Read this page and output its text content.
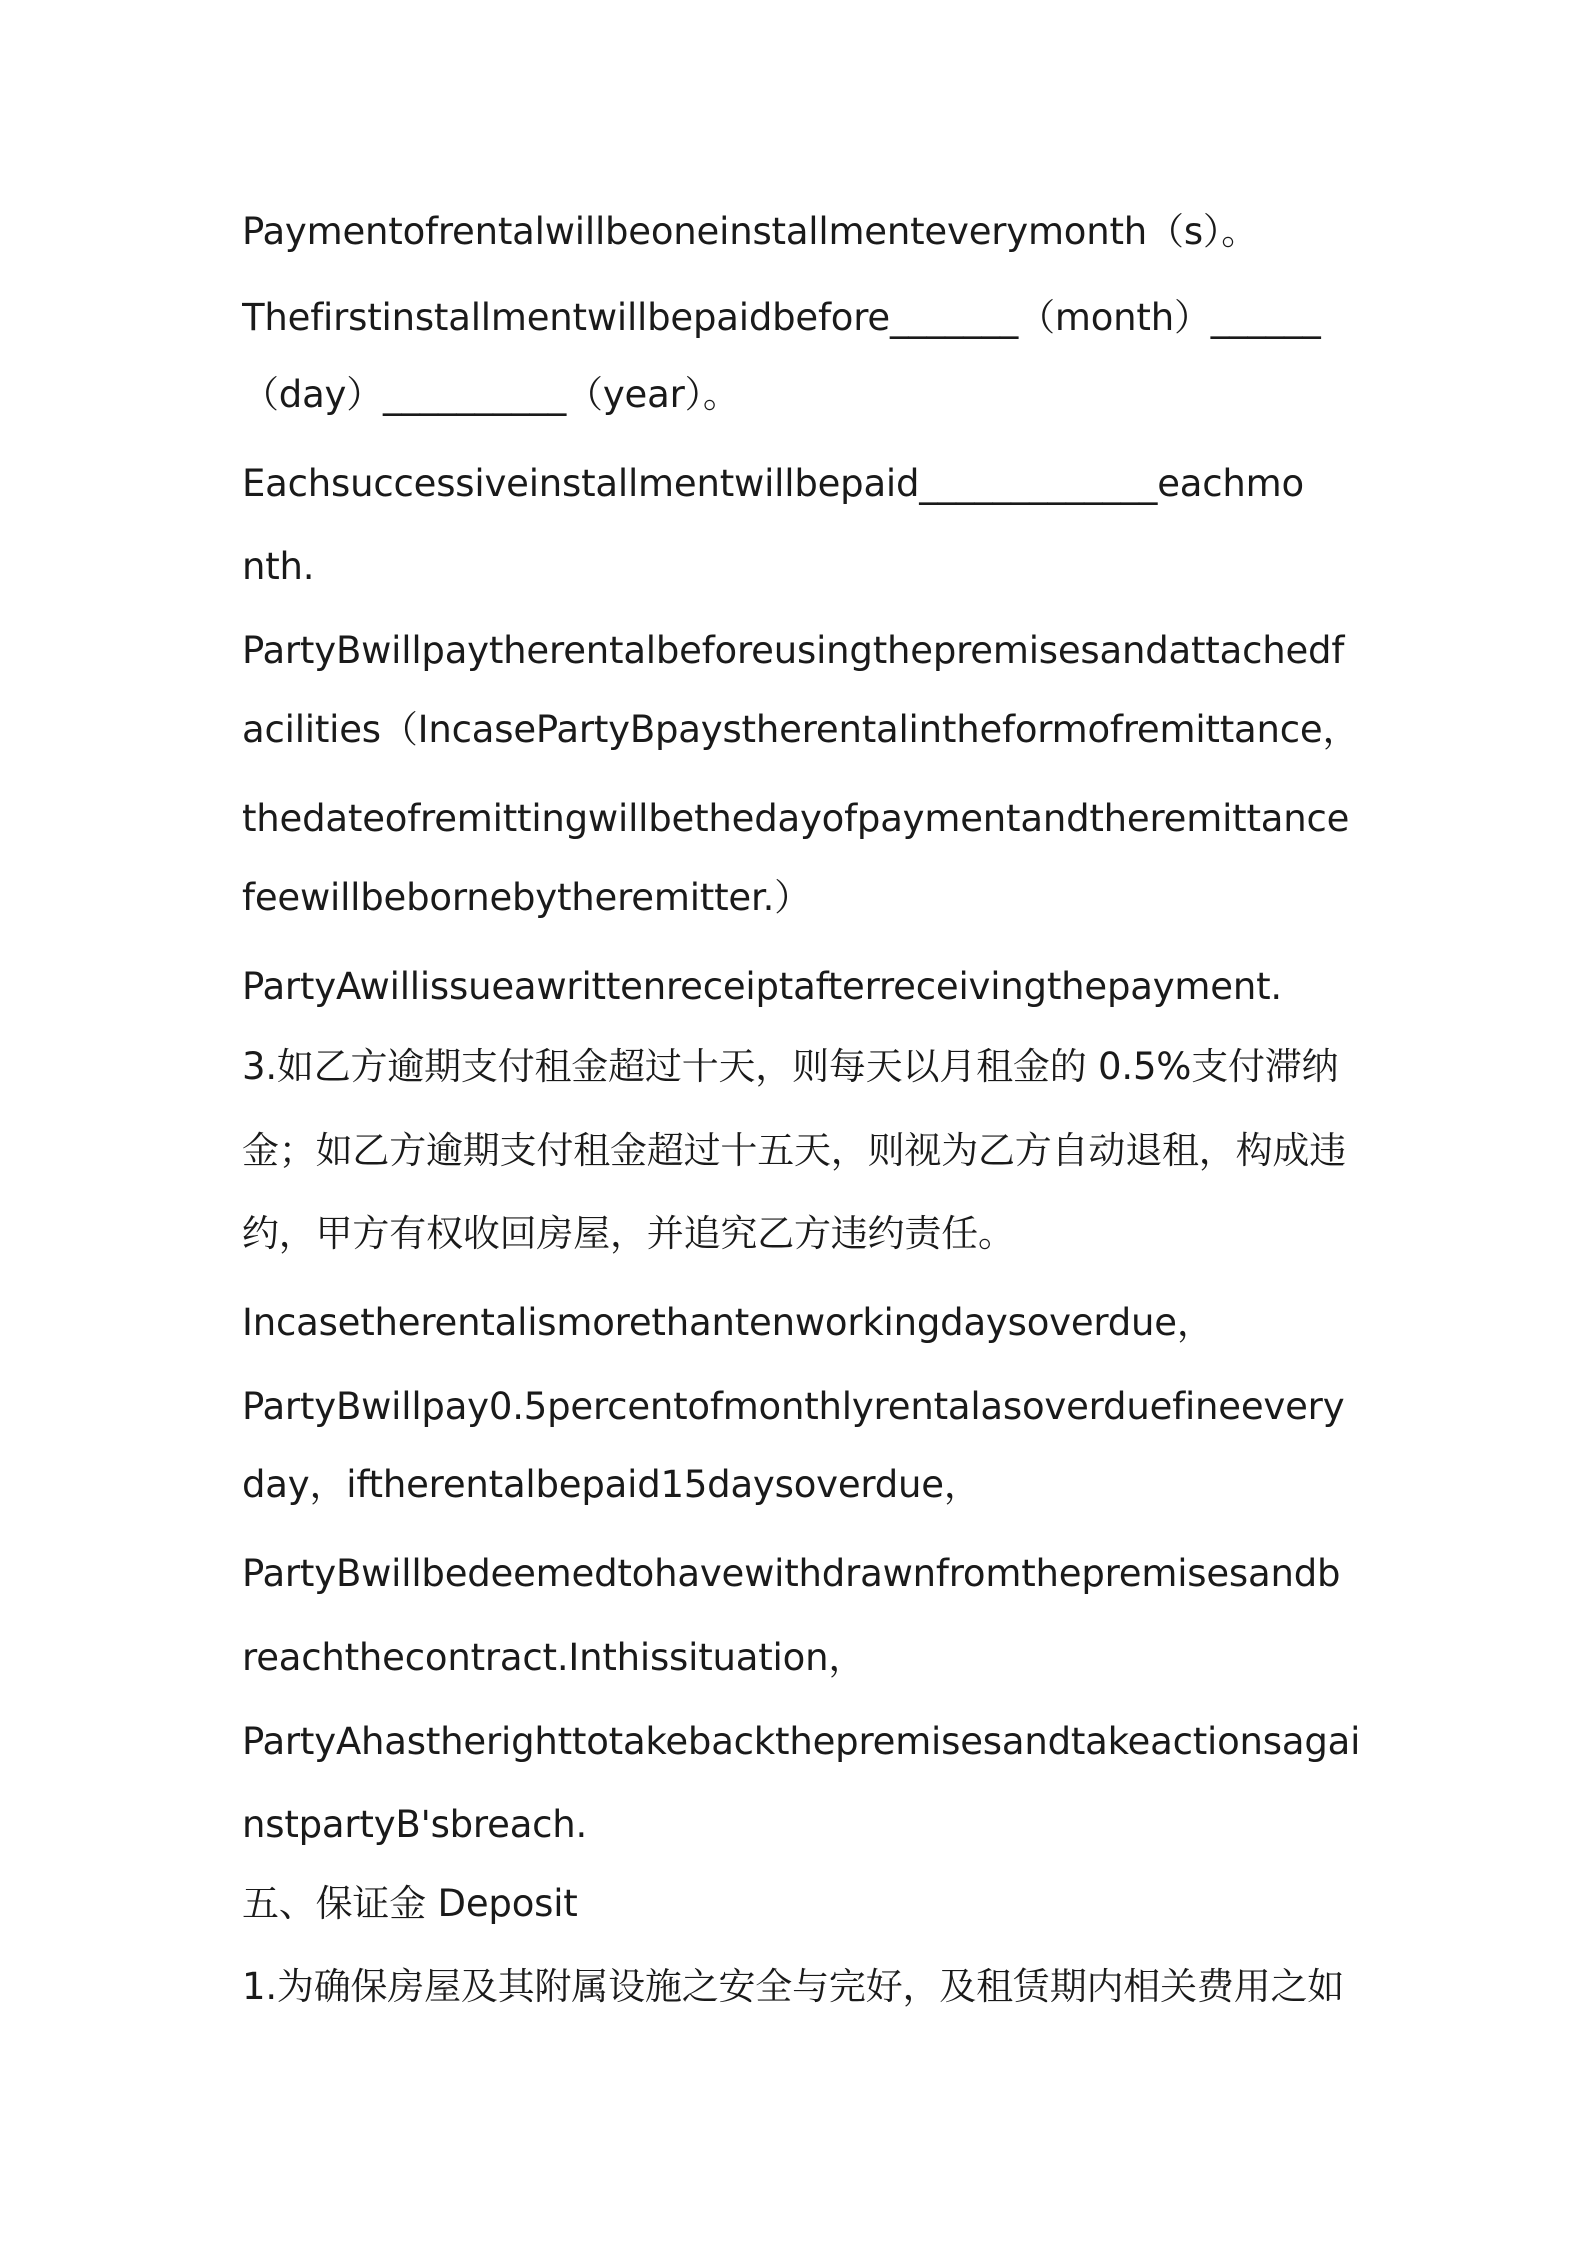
Paymentofrentalwillbeoneinstallmenteverymonth（s）。
Thefirstinstallmentwillbepaidbefore_______（month）______
（day）__________（year）。
Eachsuccessiveinstallmentwillbepaid_____________eachmo
nth.
PartyBwillpaytherentalbeforeusingthepremisesandattachedf
acilities（IncasePartyBpaystherentalintheformofremittance，
thedateofremittingwillbethedayofpaymentandtheremittance
feewillbebornebytheremitter.）
PartyAwillissueawrittenreceiptafterreceivingthepayment.
3.如乙方逾期支付租金超过十天，则每天以月租金的 0.5%支付滞纳
金；如乙方逾期支付租金超过十五天，则视为乙方自动退租，构成违
约，甲方有权收回房屋，并追究乙方违约责任。
Incasetherentalismorethantenworkingdaysoverdue，
PartyBwillpay0.5percentofmonthlyrentalasoverduefineevery
day，iftherentalbepaid15daysoverdue，
PartyBwillbedeemedtohavewithdrawnfromthepremisesandb
reachthecontract.Inthissituation，
PartyAhastherighttotakebackthepremisesandtakeactionsagai
nstpartyB'sbreach.
五、保证金 Deposit
1.为确保房屋及其附属设施之安全与完好，及租赁期内相关费用之如
